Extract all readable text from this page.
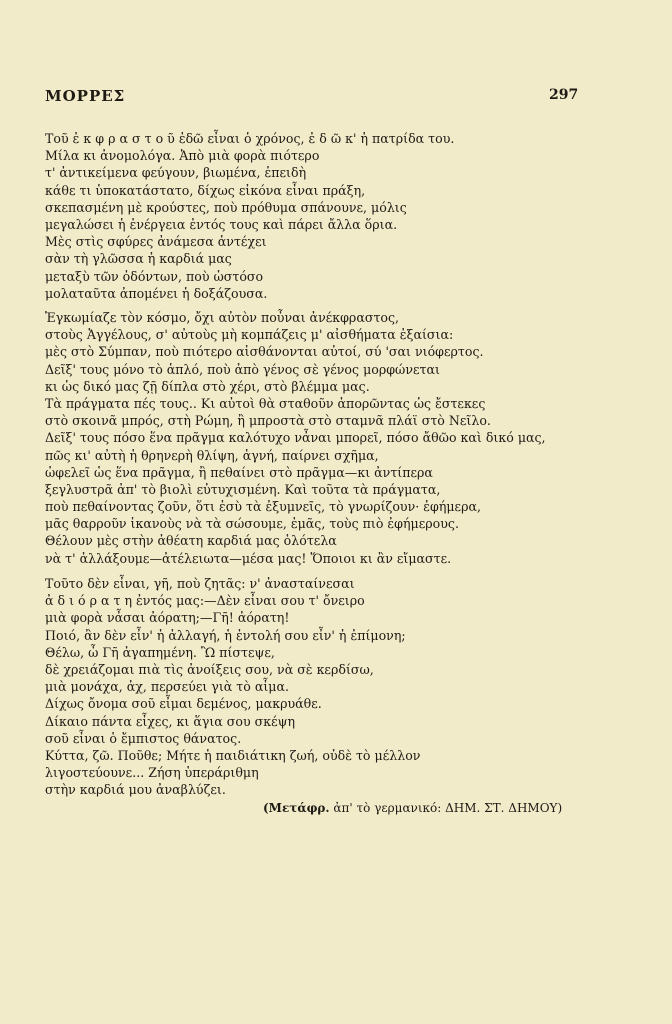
ΜΟΡΡΕΣ	297
Τοῦ ἐ κ φ ρ α σ τ ο ῦ ἐδῶ εἶναι ὁ χρόνος, ἐ δ ῶ κ' ἡ πατρίδα του.
Μίλα κι ἀνομολόγα. Ἀπὸ μιὰ φορὰ πιότερο
τ' ἀντικείμενα φεύγουν, βιωμένα, ἐπειδὴ
κάθε τι ὑποκατάστατο, δίχως εἰκόνα εἶναι πράξη,
σκεπασμένη μὲ κρούστες, ποὺ πρόθυμα σπάνουνε, μόλις
μεγαλώσει ἡ ἐνέργεια ἐντός τους καὶ πάρει ἄλλα ὅρια.
Μὲς στὶς σφύρες ἀνάμεσα ἀντέχει
σὰν τὴ γλῶσσα ἡ καρδιά μας
μεταξὺ τῶν ὀδόντων, ποὺ ὡστόσο
μολαταῦτα ἀπομένει ἡ δοξάζουσα.
Ἐγκωμίαζε τὸν κόσμο, ὄχι αὐτὸν ποὖναι ἀνέκφραστος,
στοὺς Ἀγγέλους, σ' αὐτοὺς μὴ κομπάζεις μ' αἰσθήματα ἐξαίσια:
μὲς στὸ Σύμπαν, ποὺ πιότερο αἰσθάνονται αὐτοί, σύ 'σαι νιόφερτος.
Δεῖξ' τους μόνο τὸ ἁπλό, ποὺ ἀπὸ γένος σὲ γένος μορφώνεται
κι ὡς δικό μας ζῇ δίπλα στὸ χέρι, στὸ βλέμμα μας.
Τὰ πράγματα πές τους.. Κι αὐτοὶ θὰ σταθοῦν ἀπορῶντας ὡς ἔστεκες
στὸ σκοινᾶ μπρός, στὴ Ρώμη, ἢ μπροστὰ στὸ σταμνᾶ πλάϊ στὸ Νεῖλο.
Δεῖξ' τους πόσο ἕνα πρᾶγμα καλότυχο νἆναι μπορεῖ, πόσο ἄθῶο καὶ δικό μας,
πῶς κι' αὐτὴ ἡ θρηνερὴ θλίψη, ἁγνή, παίρνει σχῆμα,
ὠφελεῖ ὡς ἕνα πρᾶγμα, ἢ πεθαίνει στὸ πρᾶγμα—κι ἀντίπερα
ξεγλυστρᾶ ἀπ' τὸ βιολὶ εὐτυχισμένη. Καὶ τοῦτα τὰ πράγματα,
ποὺ πεθαίνοντας ζοῦν, ὅτι ἐσὺ τὰ ἐξυμνεῖς, τὸ γνωρίζουν· ἐφήμερα,
μᾶς θαρροῦν ἱκανοὺς νὰ τὰ σώσουμε, ἐμᾶς, τοὺς πιὸ ἐφήμερους.
Θέλουν μὲς στὴν ἀθέατη καρδιά μας ὁλότελα
νὰ τ' ἀλλάξουμε—ἀτέλειωτα—μέσα μας! Ὅποιοι κι ἂν εἴμαστε.
Τοῦτο δὲν εἶναι, γῆ, ποὺ ζητᾶς: ν' ἀνασταίνεσαι
ἀ δ ι ό ρ α τ η ἐντός μας:—Δὲν εἶναι σου τ' ὄνειρο
μιὰ φορὰ νἆσαι ἀόρατη;—Γῆ! ἀόρατη!
Ποιό, ἂν δὲν εἶν' ἡ ἀλλαγή, ἡ ἐντολή σου εἶν' ἡ ἐπίμονη;
Θέλω, ὦ Γῆ ἀγαπημένη. Ὢ πίστεψε,
δὲ χρειάζομαι πιὰ τὶς ἀνοίξεις σου, νὰ σὲ κερδίσω,
μιὰ μονάχα, ἀχ, περσεύει γιὰ τὸ αἷμα.
Δίχως ὄνομα σοῦ εἶμαι δεμένος, μακρυάθε.
Δίκαιο πάντα εἶχες, κι ἅγια σου σκέψη
σοῦ εἶναι ὁ ἔμπιστος θάνατος.
Κύττα, ζῶ. Ποῦθε; Μήτε ἡ παιδιάτικη ζωή, οὐδὲ τὸ μέλλον
λιγοστεύουνε... Ζήση ὑπεράριθμη
στὴν καρδιά μου ἀναβλύζει.
(Μετάφρ. ἀπ' τὸ γερμανικό: ΔΗΜ. ΣΤ. ΔΗΜΟΥ)
